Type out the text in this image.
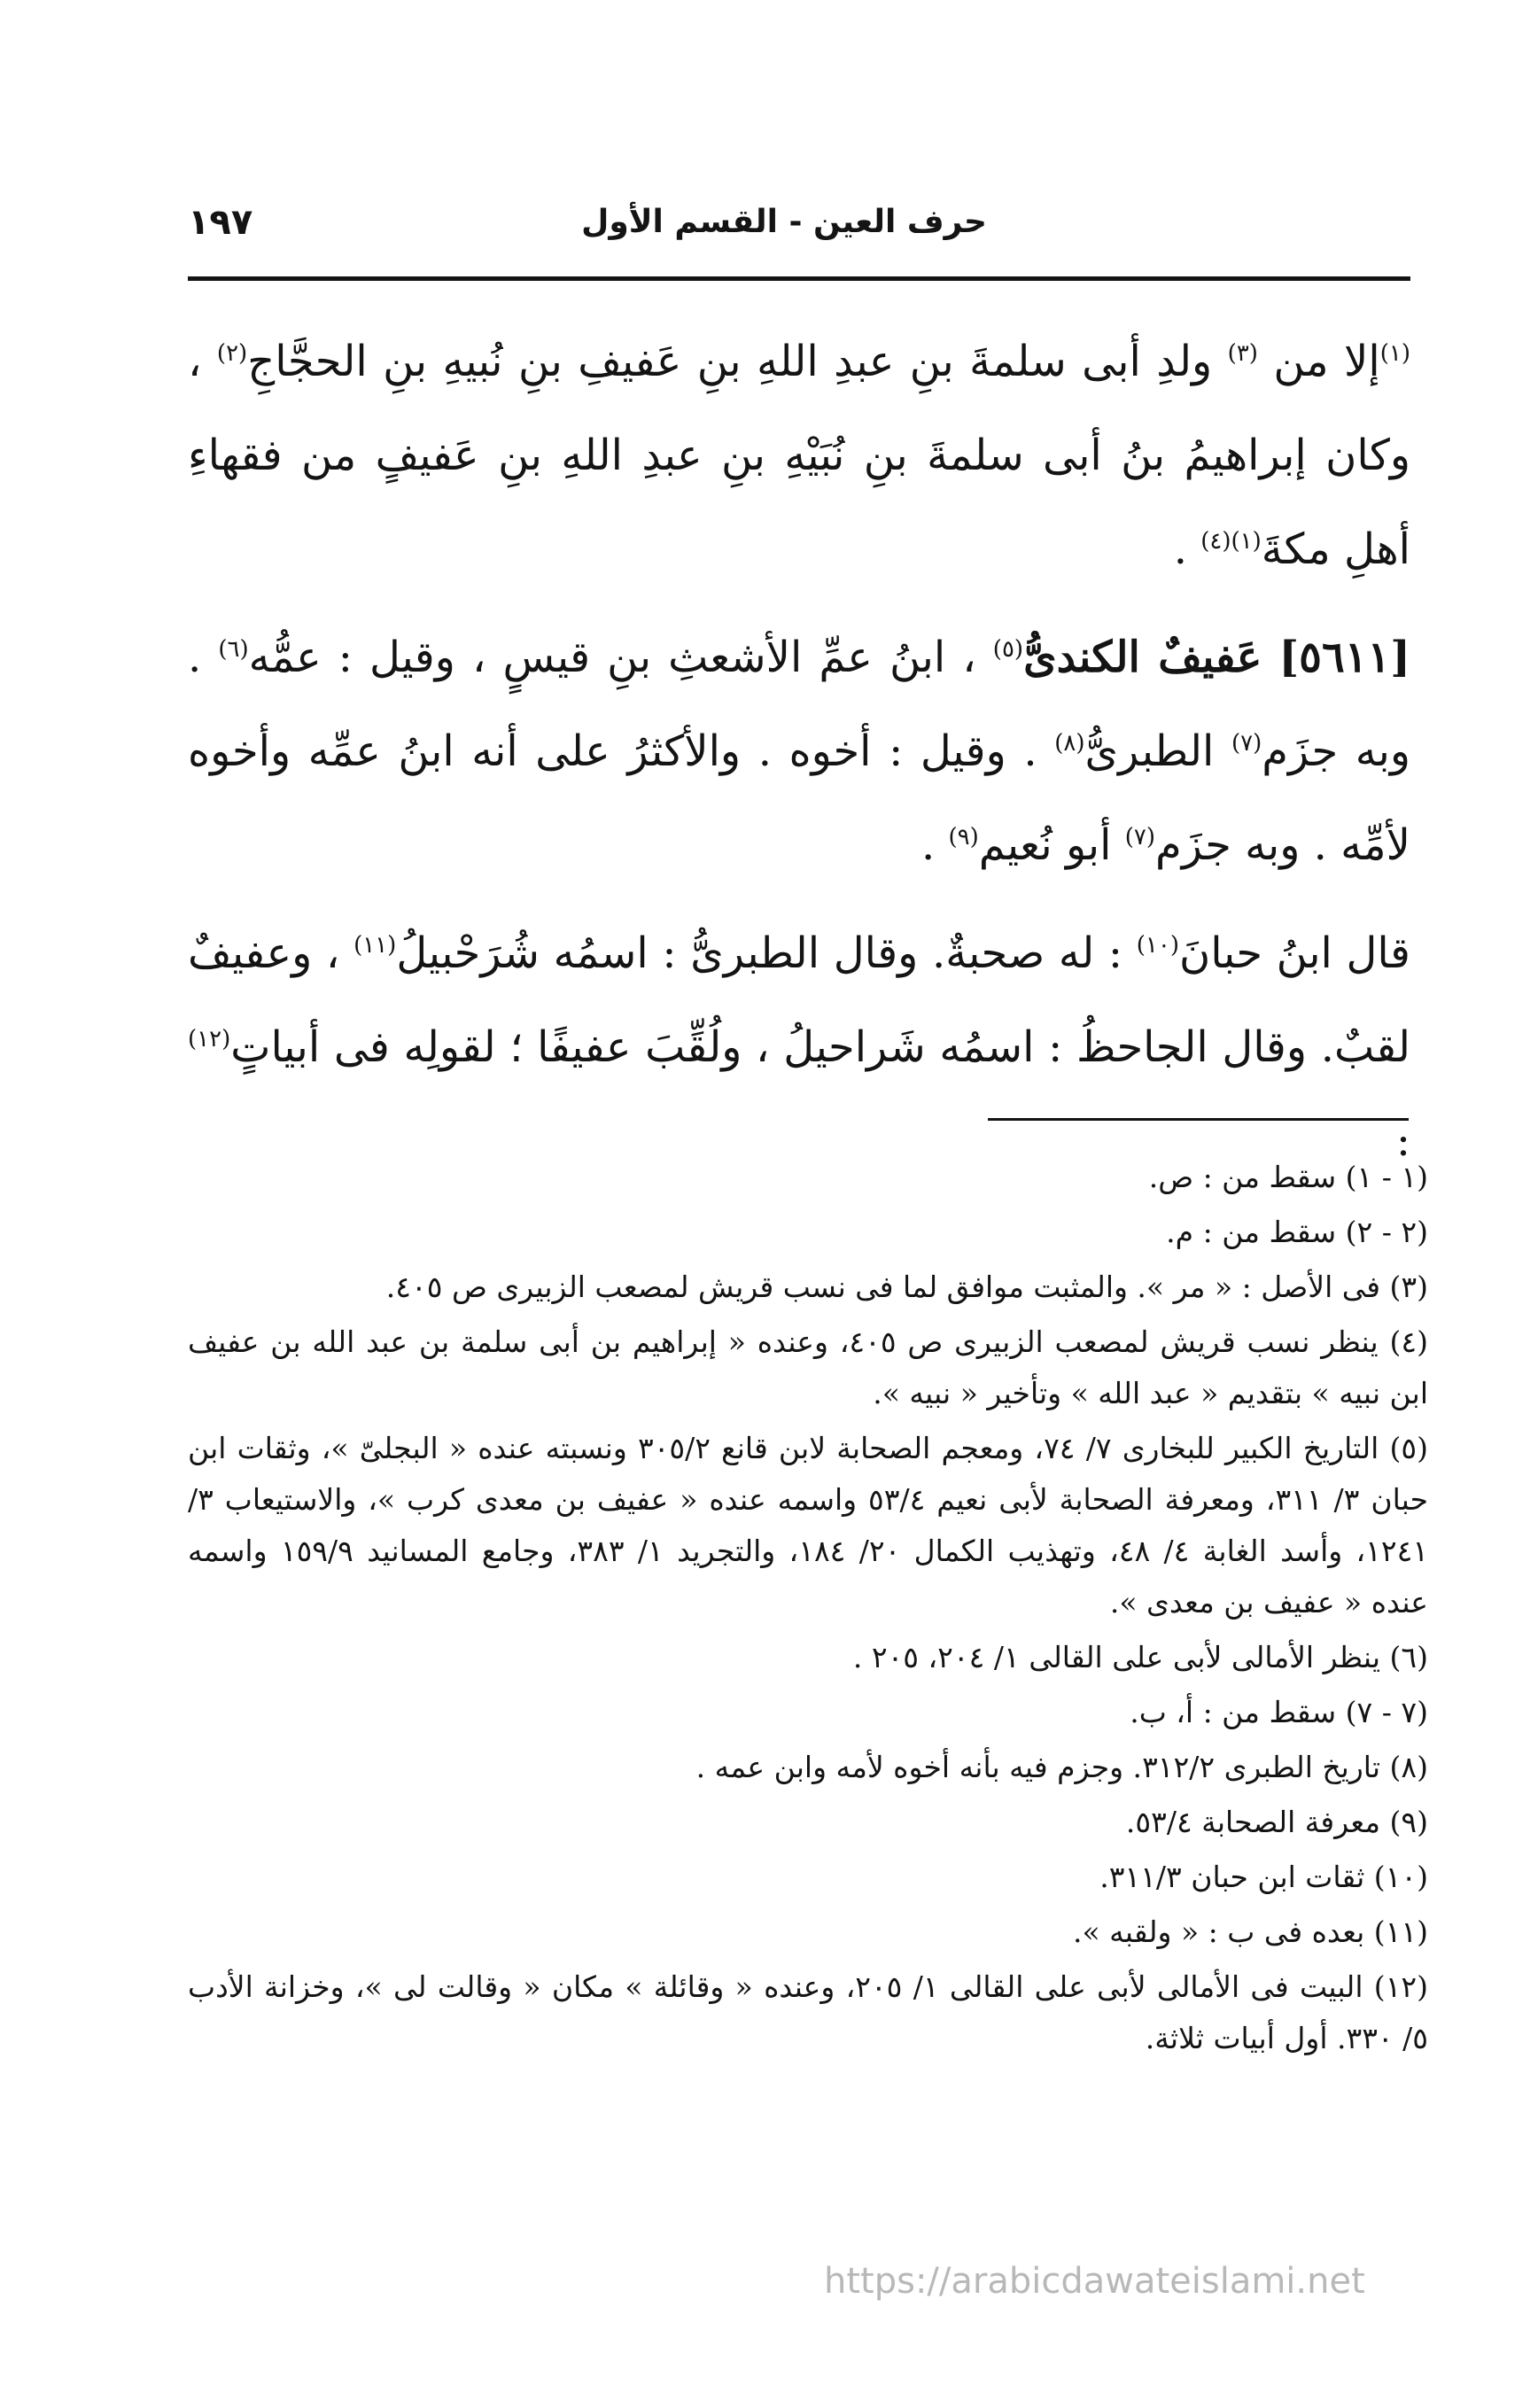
حرف العين - القسم الأول
١٩٧

$^{(١)}$إلا من $^{(٣)}$ ولدِ أبى سلمةَ بنِ عبدِ اللهِ بنِ عَفيفِ بنِ نُبيهِ بنِ الحجَّاجِ$^{(٢)}$ ، وكان إبراهيمُ بنُ أبى سلمةَ بنِ نُبَيْهِ بنِ عبدِ اللهِ بنِ عَفيفٍ من فقهاءِ أهلِ مكةَ$^{(١)(٤)}$ .

[٥٦١١] عَفيفٌ الكندىُّ$^{(٥)}$ ، ابنُ عمِّ الأشعثِ بنِ قيسٍ ، وقيل : عمُّه$^{(٦)}$ . وبه جزَم$^{(٧)}$ الطبرىُّ$^{(٨)}$ . وقيل : أخوه . والأكثرُ على أنه ابنُ عمِّه وأخوه لأمِّه . وبه جزَم$^{(٧)}$ أبو نُعيم$^{(٩)}$ .

قال ابنُ حبانَ$^{(١٠)}$ : له صحبةٌ. وقال الطبرىُّ : اسمُه شُرَحْبيلُ$^{(١١)}$ ، وعفيفٌ لقبٌ. وقال الجاحظُ : اسمُه شَراحيلُ ، ولُقِّبَ عفيفًا ؛ لقولِه فى أبياتٍ$^{(١٢)}$ :

(١ - ١) سقط من : ص.

(٢ - ٢) سقط من : م.

(٣) فى الأصل : « مر ». والمثبت موافق لما فى نسب قريش لمصعب الزبيرى ص ٤٠٥.

(٤) ينظر نسب قريش لمصعب الزبيرى ص ٤٠٥، وعنده « إبراهيم بن أبى سلمة بن عبد الله بن عفيف ابن نبيه » بتقديم « عبد الله » وتأخير « نبيه ».

(٥) التاريخ الكبير للبخارى ٧/ ٧٤، ومعجم الصحابة لابن قانع ٣٠٥/٢ ونسبته عنده « البجلىّ »، وثقات ابن حبان ٣/ ٣١١، ومعرفة الصحابة لأبى نعيم ٥٣/٤ واسمه عنده « عفيف بن معدى كرب »، والاستيعاب ٣/ ١٢٤١، وأسد الغابة ٤/ ٤٨، وتهذيب الكمال ٢٠/ ١٨٤، والتجريد ١/ ٣٨٣، وجامع المسانيد ١٥٩/٩ واسمه عنده « عفيف بن معدى ».

(٦) ينظر الأمالى لأبى على القالى ١/ ٢٠٤، ٢٠٥ .

(٧ - ٧) سقط من : أ، ب.

(٨) تاريخ الطبرى ٣١٢/٢. وجزم فيه بأنه أخوه لأمه وابن عمه .

(٩) معرفة الصحابة ٥٣/٤.

(١٠) ثقات ابن حبان ٣١١/٣.

(١١) بعده فى ب : « ولقبه ».

(١٢) البيت فى الأمالى لأبى على القالى ١/ ٢٠٥، وعنده « وقائلة » مكان « وقالت لى »، وخزانة الأدب ٥/ ٣٣٠. أول أبيات ثلاثة.

https://arabicdawateislami.net
